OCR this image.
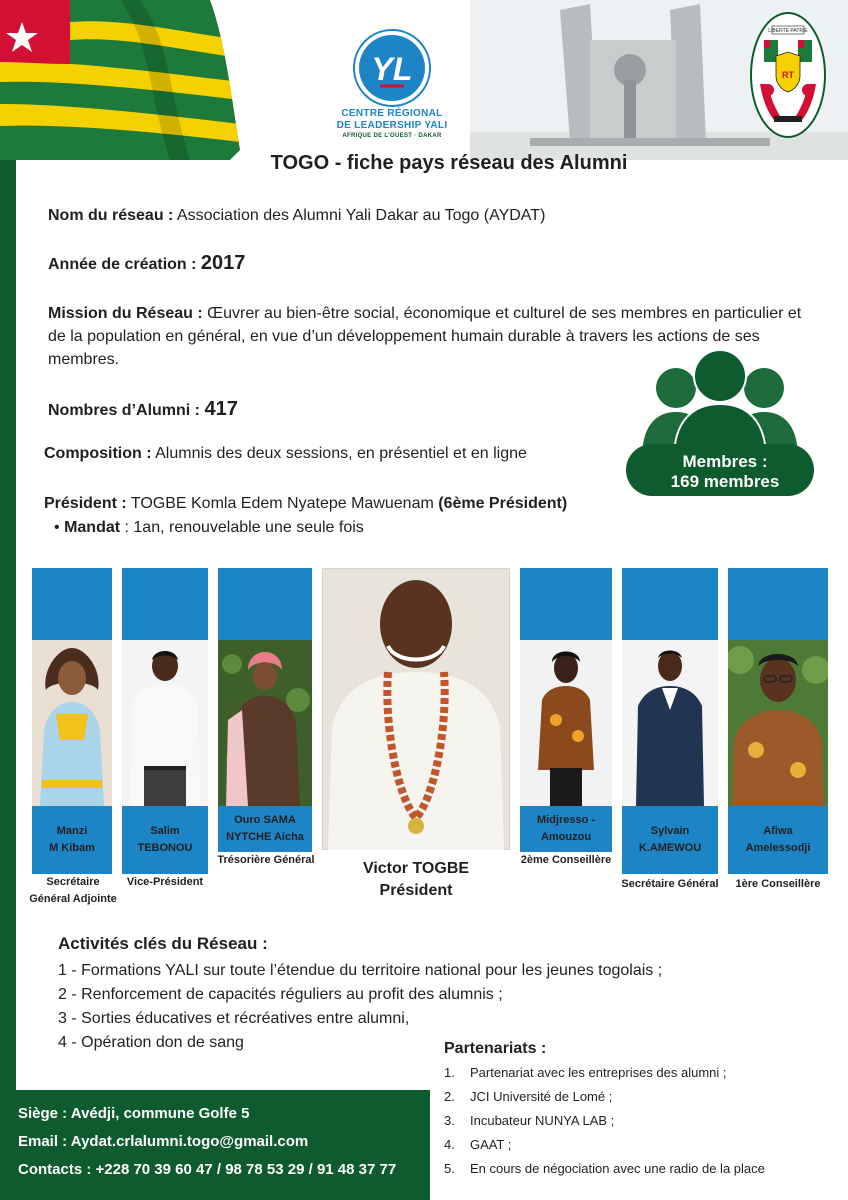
YL
CENTRE RÉGIONAL
DE LEADERSHIP YALI
AFRIQUE DE L'OUEST · DAKAR
LIBERTE PATRIE
RT
TOGO - fiche pays réseau des Alumni
Nom du réseau : Association des Alumni Yali Dakar au Togo (AYDAT)
Année de création : 2017
Mission du Réseau : Œuvrer au bien-être social, économique et culturel de ses membres en particulier et de la population en général, en vue d’un développement humain durable à travers les actions de ses membres.
Nombres d’Alumni : 417
Composition : Alumnis des deux sessions, en présentiel et en ligne
Président : TOGBE Komla Edem Nyatepe Mawuenam (6ème Président)
• Mandat : 1an, renouvelable une seule fois
Membres :
169 membres
Manzi
M Kibam
Secrétaire
Général Adjointe
Salim
TEBONOU
Vice-Président
Ouro SAMA
NYTCHE Aicha
Trésorière Général	Victor TOGBE
Président
Midjresso -
Amouzou
2ème Conseillère
Sylvain
K.AMEWOU
Secrétaire Général
Afiwa
Amelessodji
1ère Conseillère
Activités clés du Réseau :
1 - Formations YALI sur toute l’étendue du territoire national pour les jeunes togolais ;
2 - Renforcement de capacités réguliers au profit des alumnis ;
3 - Sorties éducatives et récréatives entre alumni,
4 - Opération don de sang	Partenariats :
1. Partenariat avec les entreprises des alumni ;
2. JCI Université de Lomé ;
3. Incubateur NUNYA LAB ;
4. GAAT ;
5. En cours de négociation avec une radio de la place
Siège : Avédji, commune Golfe 5
Email : Aydat.crlalumni.togo@gmail.com
Contacts : +228 70 39 60 47 / 98 78 53 29 / 91 48 37 77
